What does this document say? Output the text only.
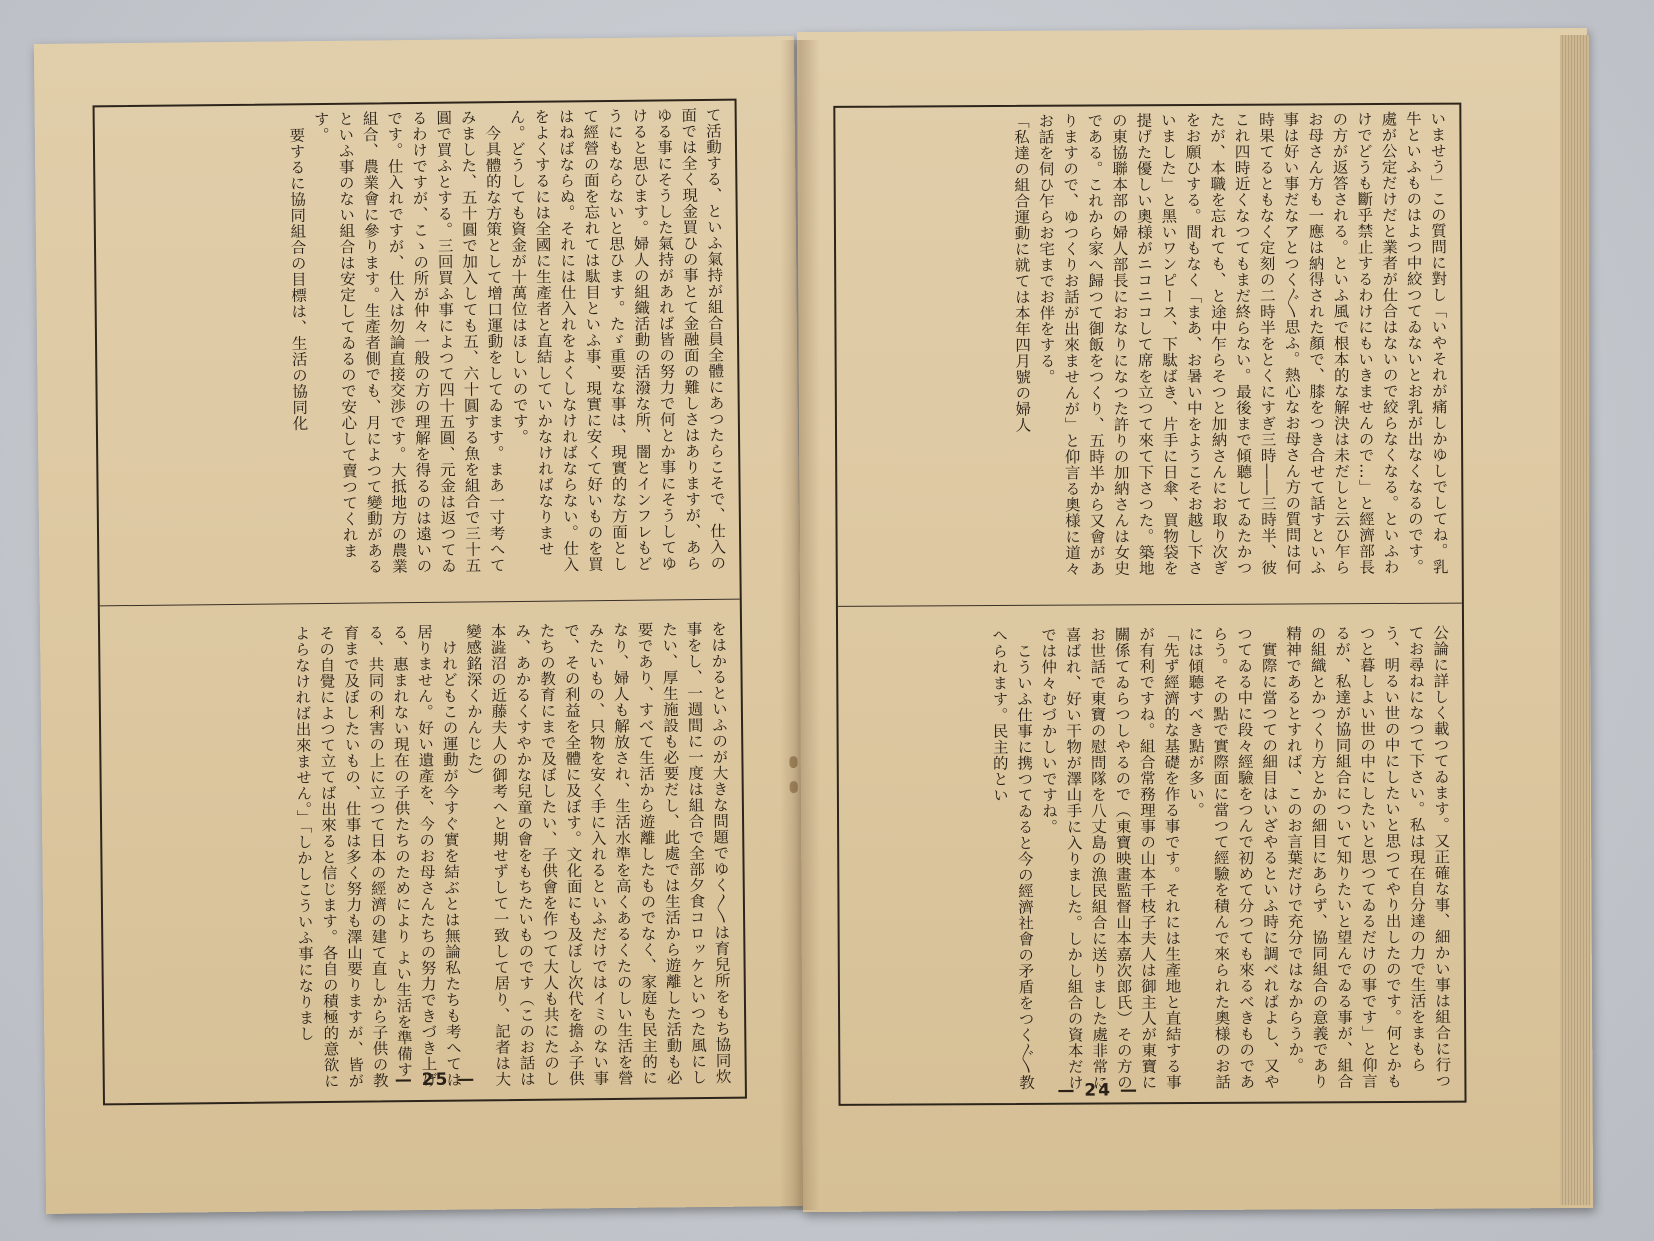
て活動する、といふ氣持が組合員全體にあつたらこそで、仕入の面では全く現金買ひの事とて金融面の難しさはありますが、あらゆる事にそうした氣持があれば皆の努力で何とか事にそうしてゆけると思ひます。婦人の組織活動の活潑な所、闇とインフレもどうにもならないと思ひます。たゞ重要な事は、現實的な方面として經營の面を忘れては駄目といふ事、現實に安くて好いものを買はねばならぬ。それには仕入れをよくしなければならない。仕入をよくするには全國に生產者と直結していかなければなりません。どうしても資金が十萬位はほしいのです。
　今具體的な方策として增口運動をしてゐます。まあ一寸考へてみました、五十圓で加入しても五、六十圓する魚を組合で三十五圓で買ふとする。三回買ふ事によつて四十五圓、元金は返つてゐるわけですが、こゝの所が仲々一般の方の理解を得るのは遠いのです。仕入れですが、仕入は勿論直接交渉です。大抵地方の農業組合、農業會に參ります。生產者側でも、月によつて變動があるといふ事のない組合は安定してゐるので安心して賣つてくれます。
　要するに協同組合の目標は、生活の協同化
をはかるといふのが大きな問題でゆく〳〵は育兒所をもち協同炊事をし、一週間に一度は組合で全部夕食コロッケといつた風にしたい、厚生施設も必要だし、此處では生活から遊離した活動も必要であり、すべて生活から遊離したものでなく、家庭も民主的になり、婦人も解放され、生活水準を高くあるくたのしい生活を營みたいもの、只物を安く手に入れるといふだけではイミのない事で、その利益を全體に及ぼす。文化面にも及ぼし次代を擔ふ子供たちの教育にまで及ぼしたい、子供會を作つて大人も共にたのしみ、あかるくすやかな兒童の會をもちたいものです（このお話は本澁沼の近藤夫人の御考へと期せずして一致して居り、記者は大變感銘深くかんじた）
　けれどもこの運動が今すぐ實を結ぶとは無論私たちも考へては居りません。好い遺產を、今のお母さんたちの努力できづき上げる、惠まれない現在の子供たちのためにより よい生活を準備する、共同の利害の上に立つて日本の經濟の建て直しから子供の教育まで及ぼしたいもの、仕事は多く努力も澤山要りますが、皆がその自覺によつて立てば出來ると信じます。各自の積極的意欲によらなければ出來ません。」「しかしこういふ事になりまし
— 25 —
いませう」この質問に對し「いやそれが痛しかゆしでしてね。乳牛といふものはよつ中絞つてゐないとお乳が出なくなるのです。處が公定だけだと業者が仕合はないので絞らなくなる。といふわけでどうも斷乎禁止するわけにもいきませんので…」と經濟部長の方が返答される。といふ風で根本的な解決は未だしと云ひ乍らお母さん方も一應は納得された顏で、膝をつき合せて話すといふ事は好い事だなアとつく〴〵思ふ。熱心なお母さん方の質問は何時果てるともなく定刻の二時半をとくにすぎ三時――三時半、彼これ四時近くなつてもまだ終らない。最後まで傾聽してゐたかつたが、本職を忘れても、と途中乍らそつと加納さんにお取り次ぎをお願ひする。間もなく「まあ、お暑い中をようこそお越し下さいました」と黑いワンピース、下駄ばき、片手に日傘、買物袋を提げた優しい奧様がニコニコして席を立つて來て下さつた。築地の東協聯本部の婦人部長におなりになつた許りの加納さんは女史である。これから家へ歸つて御飯をつくり、五時半から又會がありますので、ゆつくりお話が出來ませんが」と仰言る奧様に道々お話を伺ひ乍らお宅までお伴をする。
「私達の組合運動に就ては本年四月號の婦人
公論に詳しく載つてゐます。又正確な事、細かい事は組合に行つてお尋ねになつて下さい。私は現在自分達の力で生活をまもらう、明るい世の中にしたいと思つてやり出したのです。何とかもつと暮しよい世の中にしたいと思つてゐるだけの事です」と仰言るが、私達が協同組合について知りたいと望んでゐる事が、組合の組織とかつくり方とかの細目にあらず、協同組合の意義であり精神であるとすれば、このお言葉だけで充分ではなからうか。
　實際に當つての細目はいざやるといふ時に調べればよし、又やつてゐる中に段々經驗をつんで初めて分つても來るべきものであらう。その點で實際面に當つて經驗を積んで來られた奧様のお話には傾聽すべき點が多い。
「先ず經濟的な基礎を作る事です。それには生產地と直結する事が有利ですね。組合常務理事の山本千枝子夫人は御主人が東寶に關係てゐらつしやるので（東寶映畫監督山本嘉次郎氏）その方のお世話で東寶の慰問隊を八丈島の漁民組合に送りました處非常に喜ばれ、好い干物が澤山手に入りました。しかし組合の資本だけでは仲々むづかしいですね。
　こういふ仕事に携つてゐると今の經濟社會の矛盾をつく〴〵教へられます。民主的とい
— 24 —
